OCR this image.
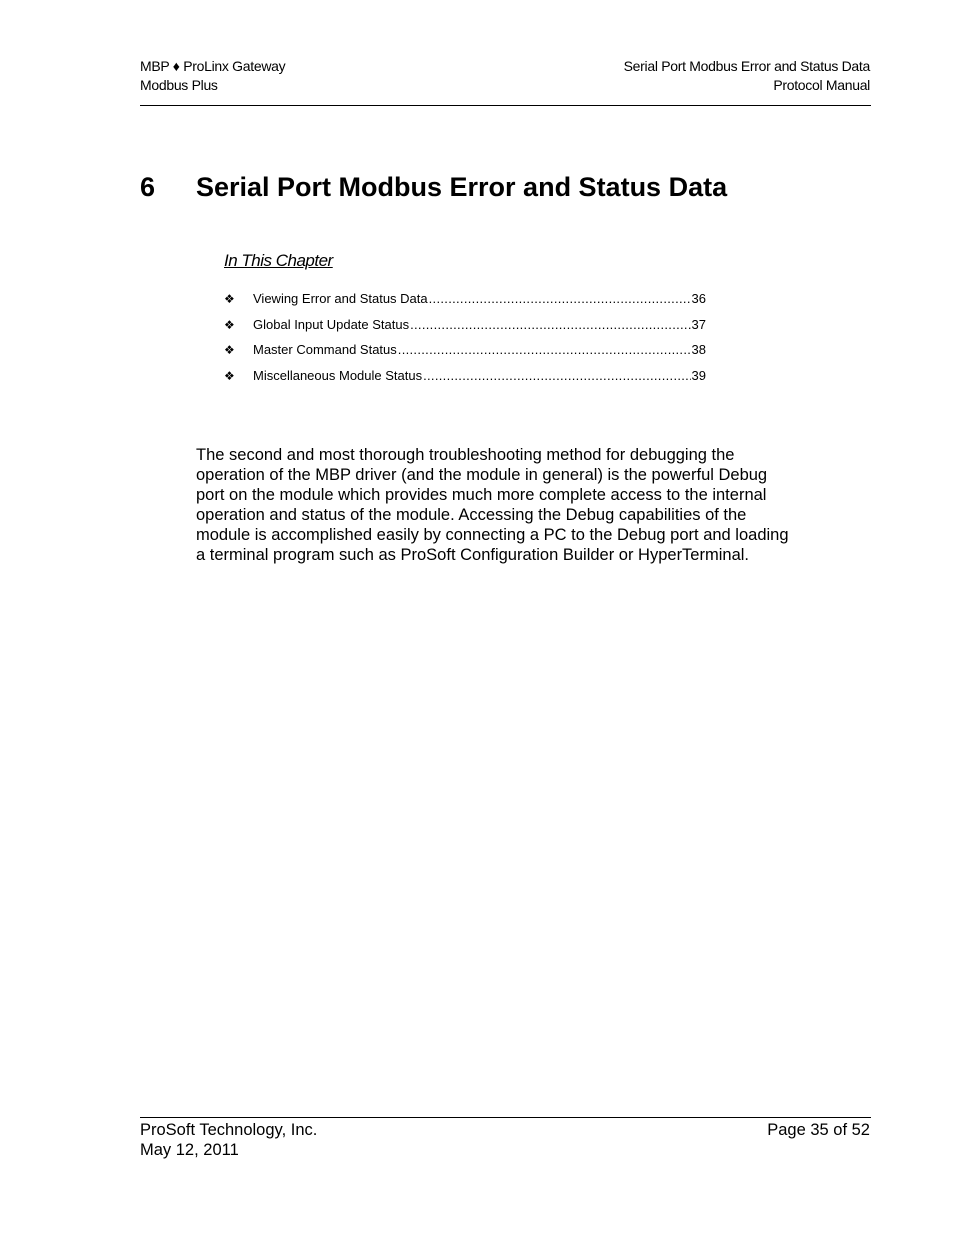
MBP ♦ ProLinx Gateway
Modbus Plus
Serial Port Modbus Error and Status Data
Protocol Manual
6 Serial Port Modbus Error and Status Data
In This Chapter
❖ Viewing Error and Status Data .....	36
❖ Global Input Update Status .....	37
❖ Master Command Status .....	38
❖ Miscellaneous Module Status .....	39
The second and most thorough troubleshooting method for debugging the
operation of the MBP driver (and the module in general) is the powerful Debug
port on the module which provides much more complete access to the internal
operation and status of the module. Accessing the Debug capabilities of the
module is accomplished easily by connecting a PC to the Debug port and loading
a terminal program such as ProSoft Configuration Builder or HyperTerminal.
ProSoft Technology, Inc.
May 12, 2011
Page 35 of 52
